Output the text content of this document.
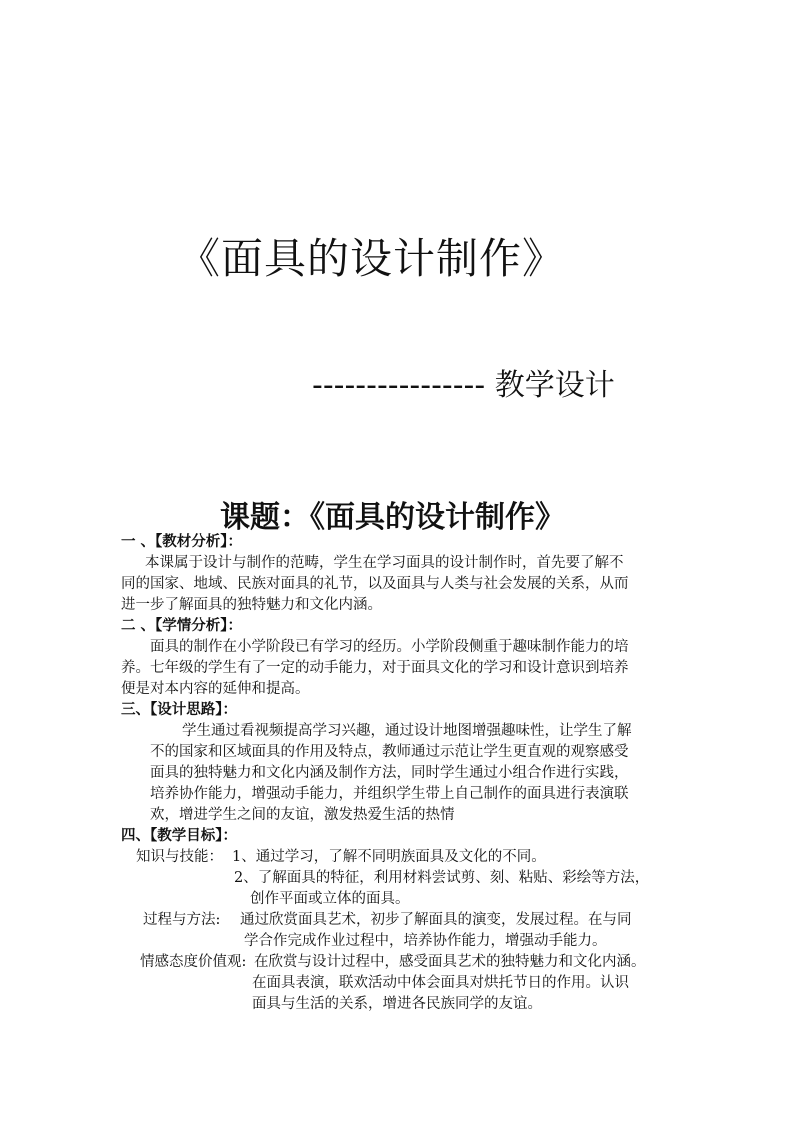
《面具的设计制作》
---------------- 教学设计
课题：《面具的设计制作》
一 、【教材分析】：
本课属于设计与制作的范畴，学生在学习面具的设计制作时，首先要了解不
同的国家、地域、民族对面具的礼节，以及面具与人类与社会发展的关系，从而
进一步了解面具的独特魅力和文化内涵。
二 、【学情分析】：
面具的制作在小学阶段已有学习的经历。小学阶段侧重于趣味制作能力的培
养。七年级的学生有了一定的动手能力，对于面具文化的学习和设计意识到培养
便是对本内容的延伸和提高。
三、【设计思路】：
学生通过看视频提高学习兴趣，通过设计地图增强趣味性，让学生了解
不的国家和区域面具的作用及特点，教师通过示范让学生更直观的观察感受
面具的独特魅力和文化内涵及制作方法，同时学生通过小组合作进行实践，
培养协作能力，增强动手能力，并组织学生带上自己制作的面具进行表演联
欢，增进学生之间的友谊，激发热爱生活的热情
四、【教学目标】：
知识与技能： 1、通过学习，了解不同明族面具及文化的不同。
2、了解面具的特征，利用材料尝试剪、刻、粘贴、彩绘等方法，
创作平面或立体的面具。
过程与方法: 通过欣赏面具艺术，初步了解面具的演变，发展过程。在与同
学合作完成作业过程中，培养协作能力，增强动手能力。
情感态度价值观: 在欣赏与设计过程中，感受面具艺术的独特魅力和文化内涵。
在面具表演，联欢活动中体会面具对烘托节日的作用。认识
面具与生活的关系，增进各民族同学的友谊。
